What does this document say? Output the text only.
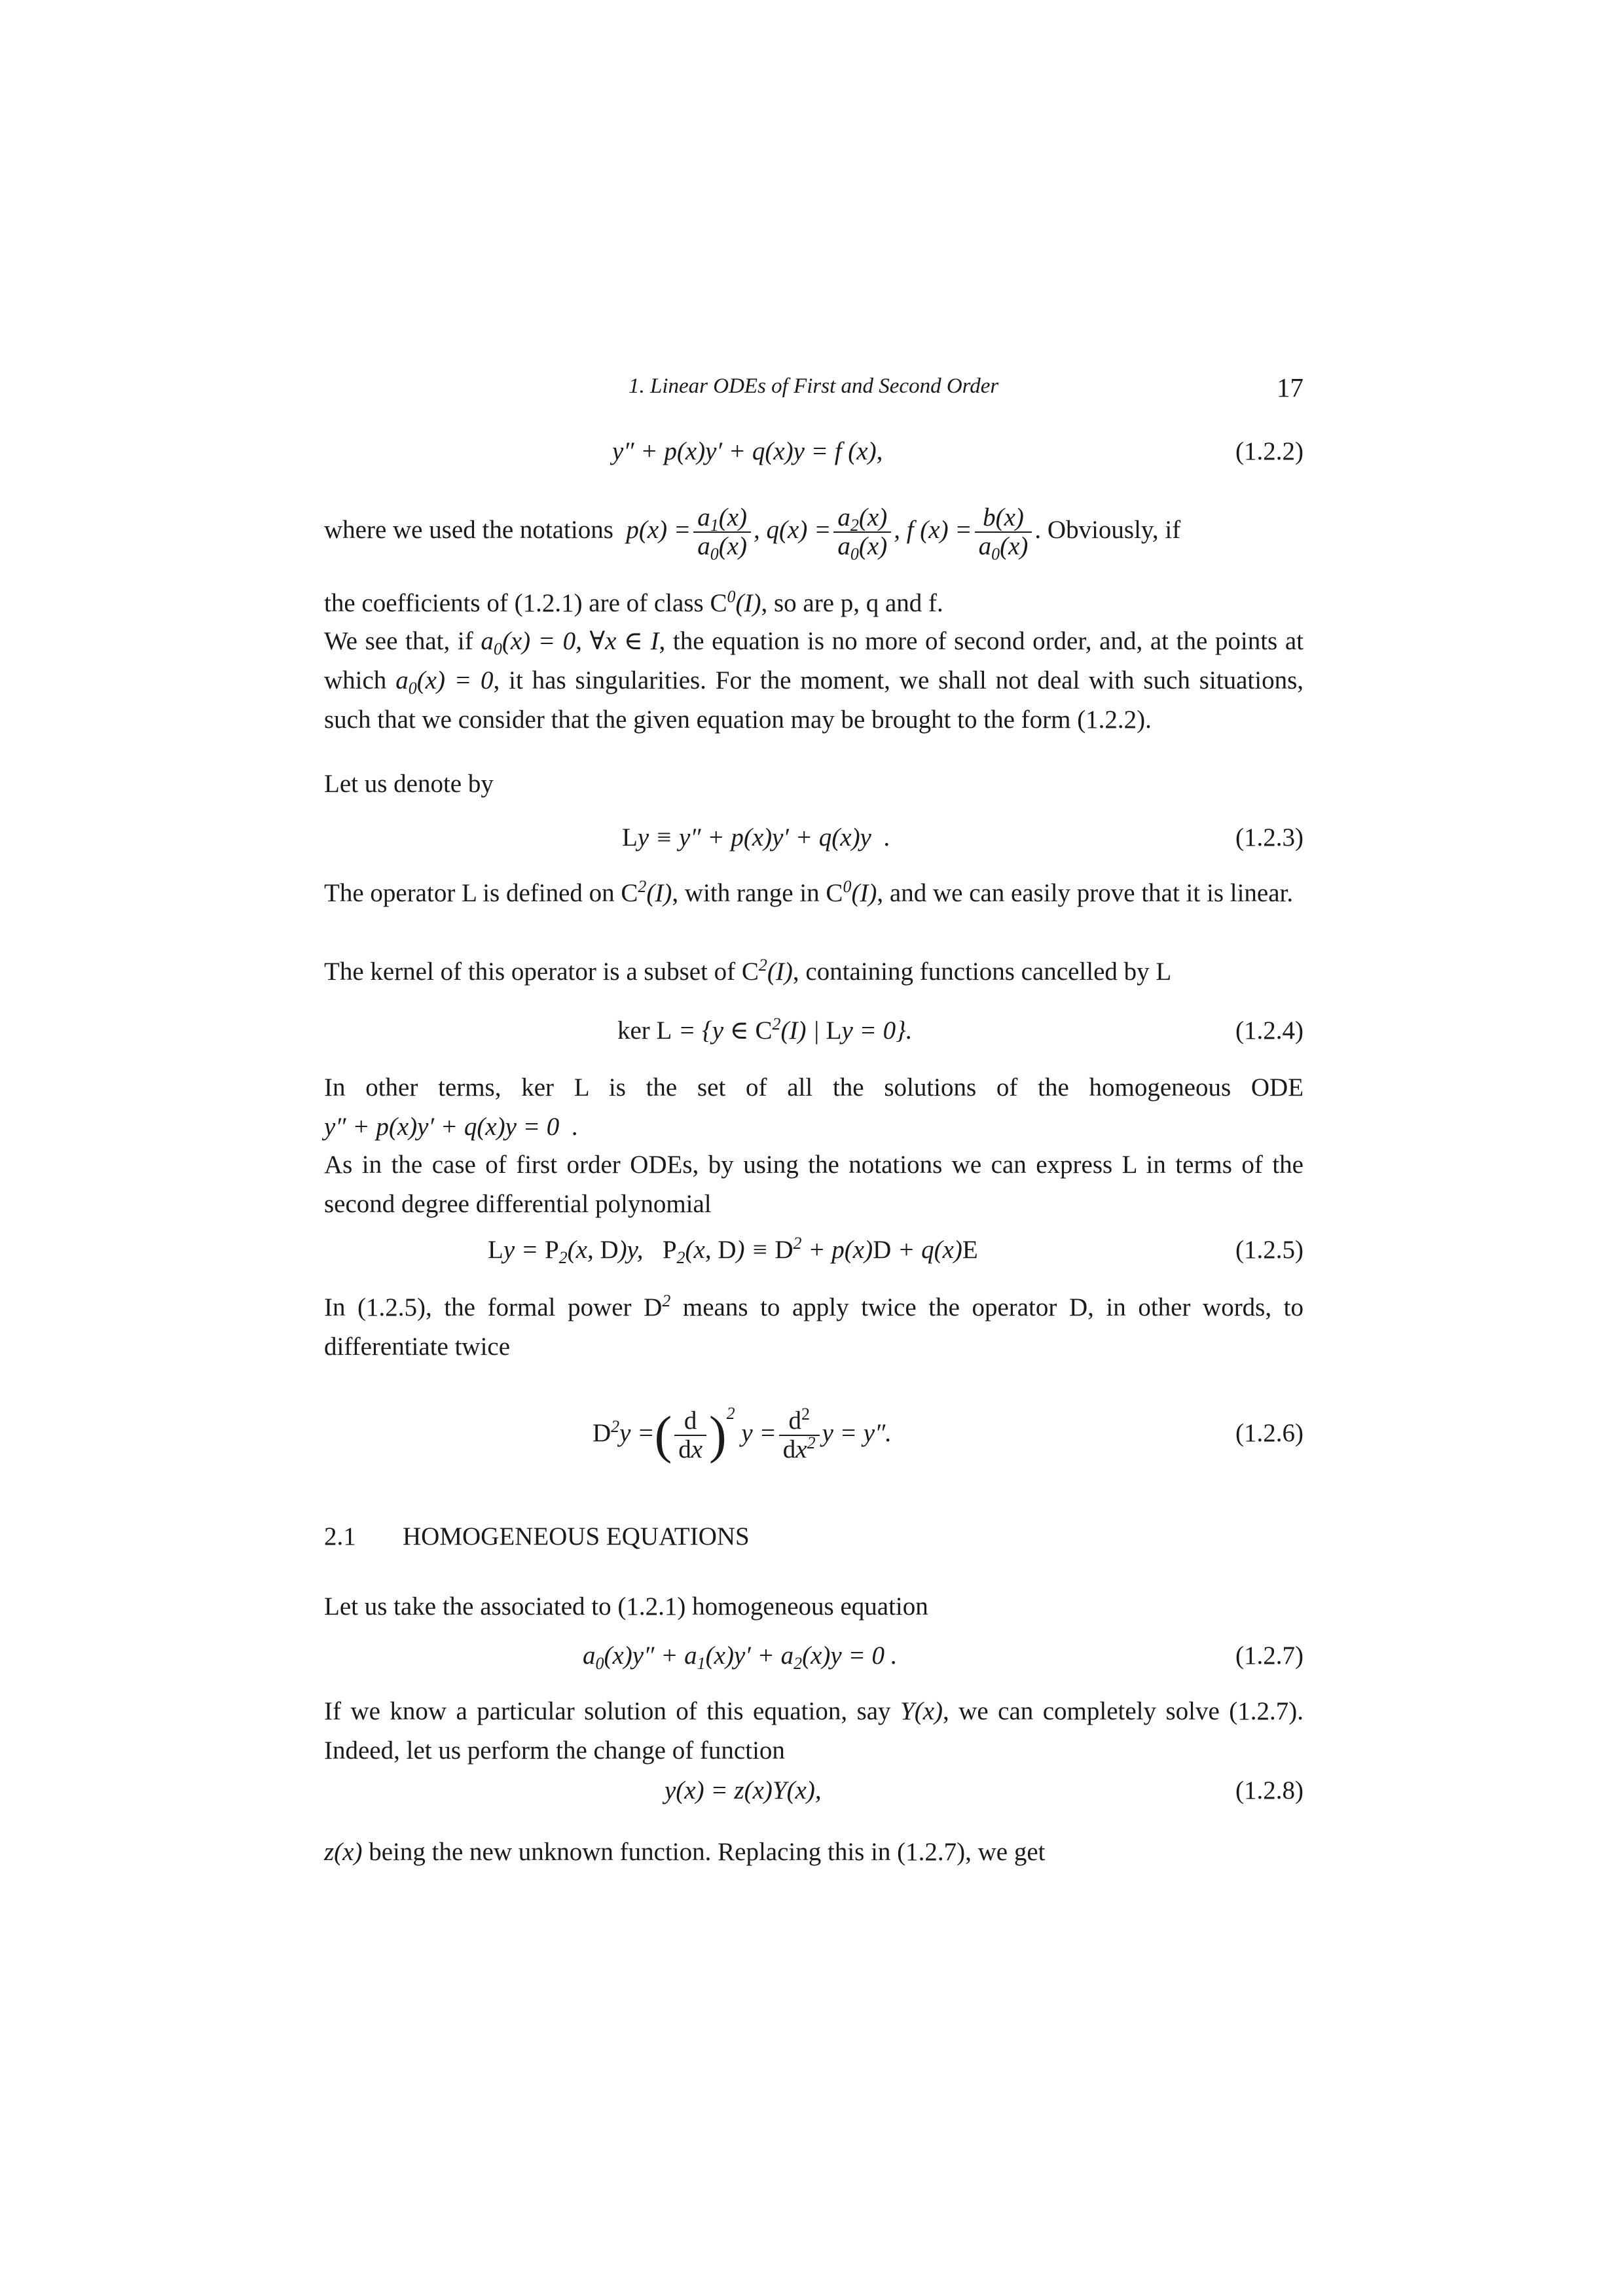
1. Linear ODEs of First and Second Order	17
y″ + p(x)y′ + q(x)y = f (x),	(1.2.2)
where we used the notations  $p(x) = \frac{a_1(x)}{a_0(x)}$ , $q(x) = \frac{a_2(x)}{a_0(x)}$ , f $(x) = \frac{b(x)}{a_0(x)}$ . Obviously, if
the coefficients of (1.2.1) are of class $C^0(I)$, so are p, q and f.
We see that, if $a_0(x) = 0$, ∀x ∈ I, the equation is no more of second order, and, at the points at which $a_0(x) = 0$, it has singularities. For the moment, we shall not deal with such situations, such that we consider that the given equation may be brought to the form (1.2.2).
Let us denote by
Ly ≡ y″ + p(x)y′ + q(x)y  .	(1.2.3)
The operator L is defined on $C^2(I)$, with range in $C^0(I)$, and we can easily prove that it is linear.
The kernel of this operator is a subset of $C^2(I)$, containing functions cancelled by L
ker L = {y ∈ $C^2(I)$ | Ly = 0}.	(1.2.4)
In other terms, ker L is the set of all the solutions of the homogeneous ODE y″ + p(x)y′ + q(x)y = 0  .
As in the case of first order ODEs, by using the notations we can express L in terms of the second degree differential polynomial
$Ly = P_2(x$, D)y,   $P_2(x$, $D) \equiv D^2 + p(x)D + q(x)E$	(1.2.5)
In (1.2.5), the formal power $D^2$ means to apply twice the operator D, in other words, to differentiate twice
$D^2y$ =( $\frac{d}{dx} )^2$ $y = \frac{d^2}{dx^2}$ y = y″.	(1.2.6)
2.1 HOMOGENEOUS EQUATIONS
Let us take the associated to (1.2.1) homogeneous equation
$a_0(x)y'' + a_1(x)y' + a_2(x)y = 0$ .	(1.2.7)
If we know a particular solution of this equation, say Y(x), we can completely solve (1.2.7). Indeed, let us perform the change of function
y(x) = z(x)Y(x),	(1.2.8)
z(x) being the new unknown function. Replacing this in (1.2.7), we get
